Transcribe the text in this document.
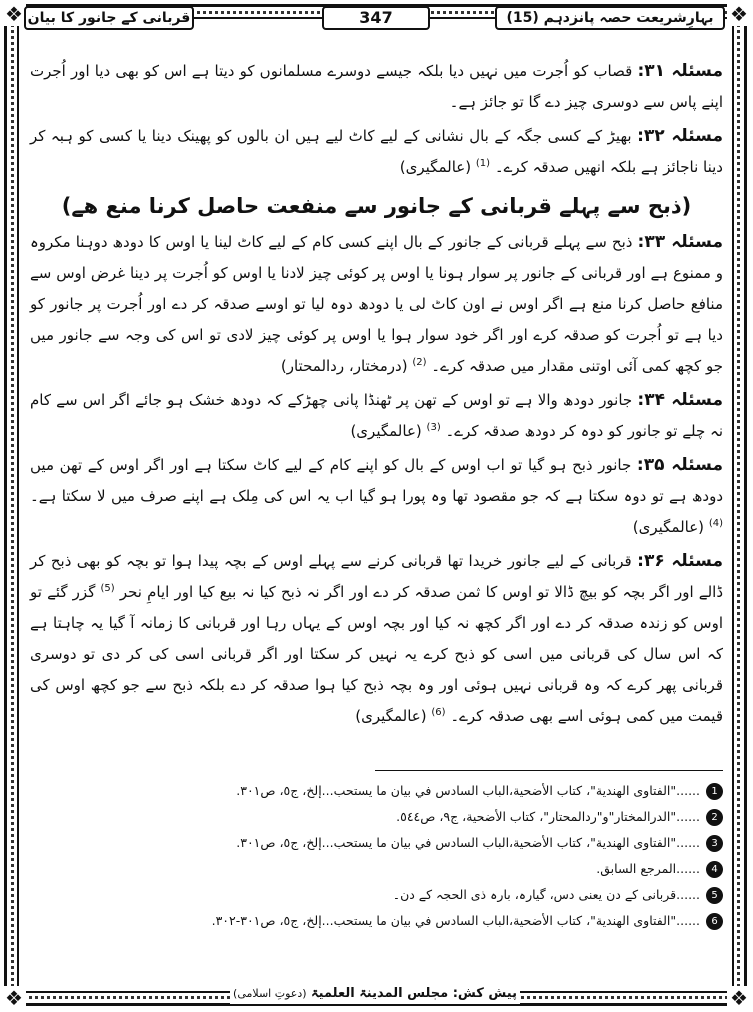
❖	❖
❖	❖
بہارِشریعت حصہ پانزدہم (15)
347
قربانی کے جانور کا بیان

مسئلہ ۳۱: قصاب کو اُجرت میں نہیں دیا بلکہ جیسے دوسرے مسلمانوں کو دیتا ہے اس کو بھی دیا اور اُجرت اپنے پاس سے دوسری چیز دے گا تو جائز ہے۔

مسئلہ ۳۲: بھیڑ کے کسی جگہ کے بال نشانی کے لیے کاٹ لیے ہیں ان بالوں کو پھینک دینا یا کسی کو ہبہ کر دینا ناجائز ہے بلکہ انھیں صدقہ کرے۔ $^{(1)}$ (عالمگیری)

(ذبح سے پہلے قربانی کے جانور سے منفعت حاصل کرنا منع ھے)

مسئلہ ۳۳: ذبح سے پہلے قربانی کے جانور کے بال اپنے کسی کام کے لیے کاٹ لینا یا اوس کا دودھ دوہنا مکروہ و ممنوع ہے اور قربانی کے جانور پر سوار ہونا یا اوس پر کوئی چیز لادنا یا اوس کو اُجرت پر دینا غرض اوس سے منافع حاصل کرنا منع ہے اگر اوس نے اون کاٹ لی یا دودھ دوہ لیا تو اوسے صدقہ کر دے اور اُجرت پر جانور کو دیا ہے تو اُجرت کو صدقہ کرے اور اگر خود سوار ہوا یا اوس پر کوئی چیز لادی تو اس کی وجہ سے جانور میں جو کچھ کمی آئی اوتنی مقدار میں صدقہ کرے۔ $^{(2)}$ (درمختار، ردالمحتار)

مسئلہ ۳۴: جانور دودھ والا ہے تو اوس کے تھن پر ٹھنڈا پانی چھڑکے کہ دودھ خشک ہو جائے اگر اس سے کام نہ چلے تو جانور کو دوہ کر دودھ صدقہ کرے۔ $^{(3)}$ (عالمگیری)

مسئلہ ۳۵: جانور ذبح ہو گیا تو اب اوس کے بال کو اپنے کام کے لیے کاٹ سکتا ہے اور اگر اوس کے تھن میں دودھ ہے تو دوہ سکتا ہے کہ جو مقصود تھا وہ پورا ہو گیا اب یہ اس کی مِلک ہے اپنے صرف میں لا سکتا ہے۔ $^{(4)}$ (عالمگیری)

مسئلہ ۳۶: قربانی کے لیے جانور خریدا تھا قربانی کرنے سے پہلے اوس کے بچہ پیدا ہوا تو بچہ کو بھی ذبح کر ڈالے اور اگر بچہ کو بیچ ڈالا تو اوس کا ثمن صدقہ کر دے اور اگر نہ ذبح کیا نہ بیع کیا اور ایامِ نحر $^{(5)}$ گزر گئے تو اوس کو زندہ صدقہ کر دے اور اگر کچھ نہ کیا اور بچہ اوس کے یہاں رہا اور قربانی کا زمانہ آ گیا یہ چاہتا ہے کہ اس سال کی قربانی میں اسی کو ذبح کرے یہ نہیں کر سکتا اور اگر قربانی اسی کی کر دی تو دوسری قربانی پھر کرے کہ وہ قربانی نہیں ہوئی اور وہ بچہ ذبح کیا ہوا صدقہ کر دے بلکہ ذبح سے جو کچھ اوس کی قیمت میں کمی ہوئی اسے بھی صدقہ کرے۔ $^{(6)}$ (عالمگیری)

1
......"الفتاوى الهندية"، كتاب الأضحية،الباب السادس في بيان ما يستحب...إلخ، ج٥، ص٣٠١.
2
......"الدرالمختار"و"ردالمحتار"، كتاب الأضحية، ج٩، ص٥٤٤.
3
......"الفتاوى الهندية"، كتاب الأضحية،الباب السادس في بيان ما يستحب...إلخ، ج٥، ص٣٠١.
4
......المرجع السابق.
5
......قربانی کے دن یعنی دس، گیارہ، بارہ ذی الحجہ کے دن۔
6
......"الفتاوى الهندية"، كتاب الأضحية،الباب السادس في بيان ما يستحب...إلخ، ج٥، ص٣٠١-٣٠٢.
پیش کش: مجلس المدینۃ العلمیۃ (دعوتِ اسلامی)
